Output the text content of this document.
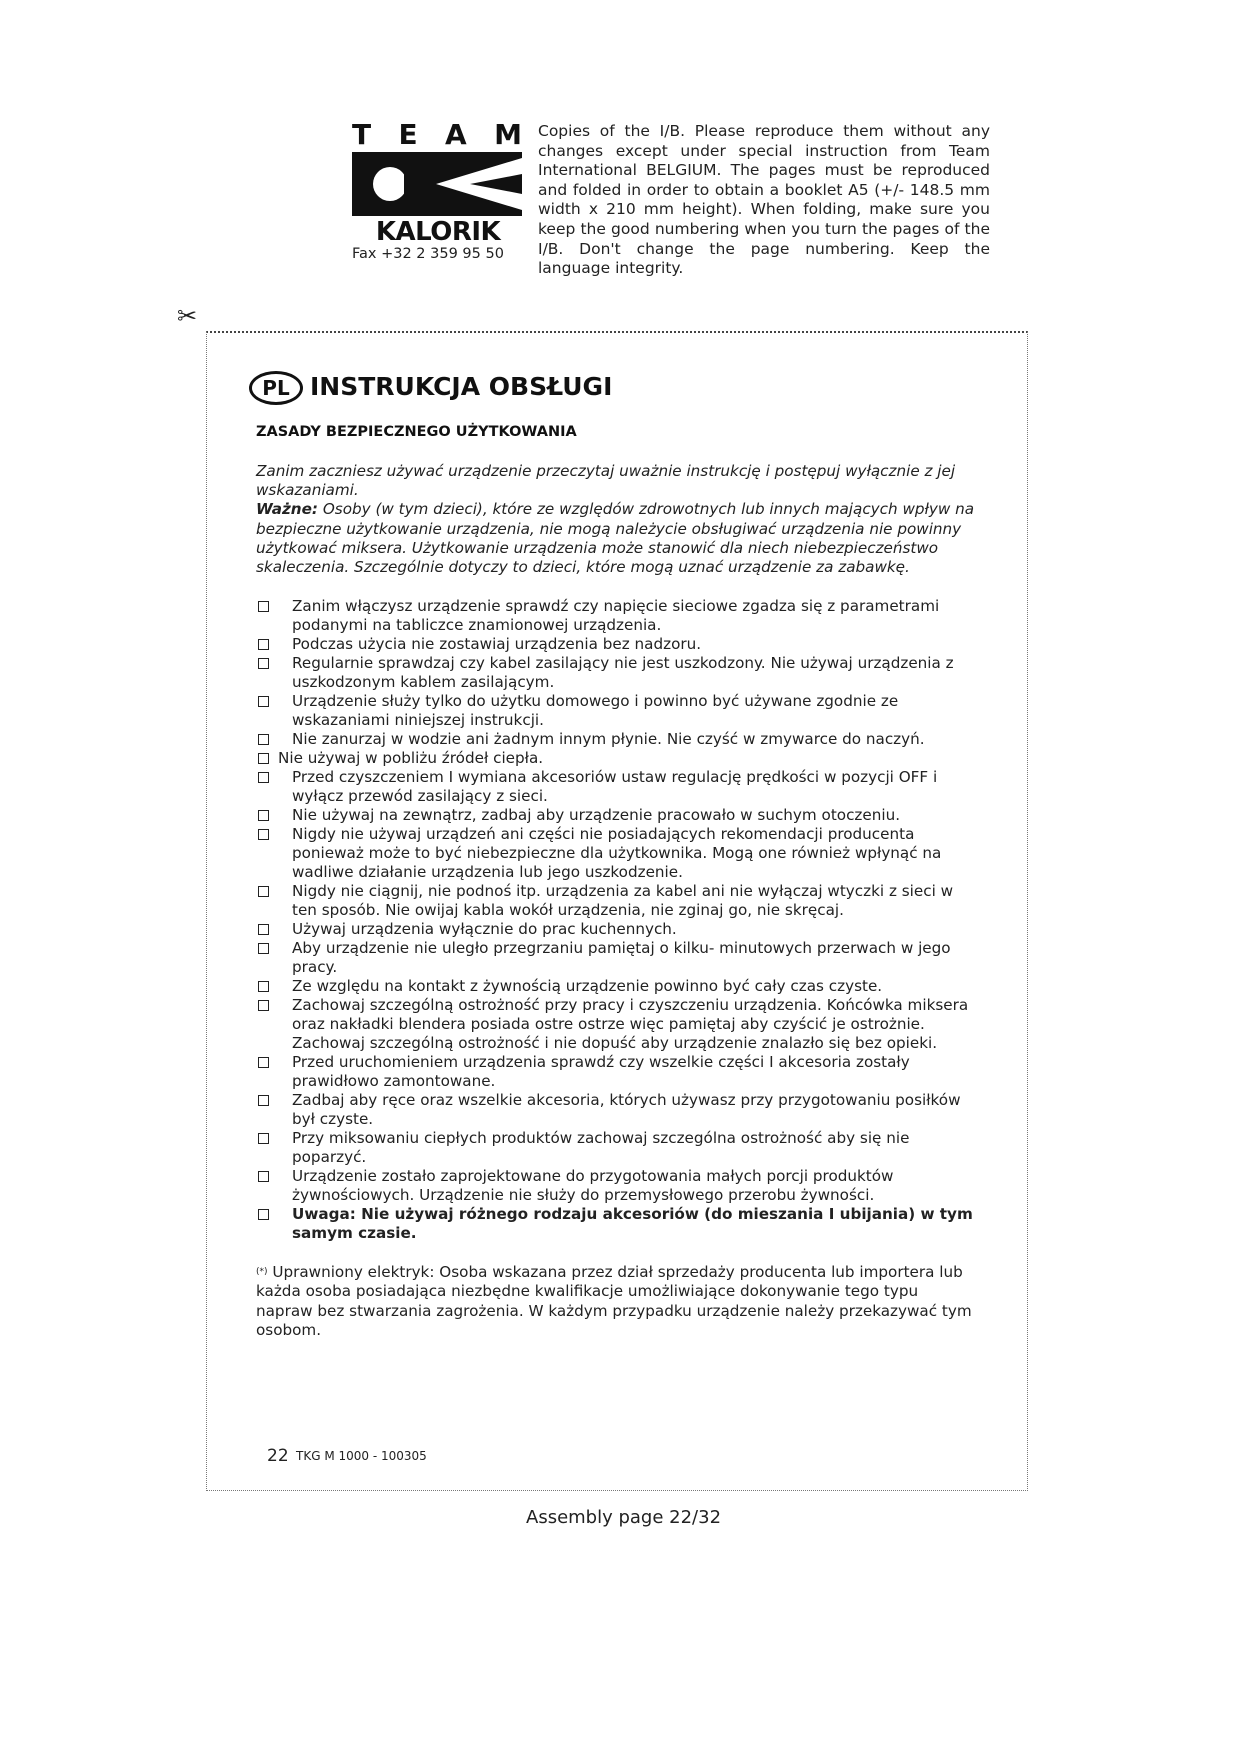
T E A M
KALORIK
Fax +32 2 359 95 50
Copies of the I/B. Please reproduce them without any changes except under special instruction from Team International BELGIUM. The pages must be reproduced and folded in order to obtain a booklet A5 (+/- 148.5 mm width x 210 mm height). When folding, make sure you keep the good numbering when you turn the pages of the I/B. Don't change the page numbering. Keep the language integrity.
✂
PL INSTRUKCJA OBSŁUGI
ZASADY BEZPIECZNEGO UŻYTKOWANIA
Zanim zaczniesz używać urządzenie przeczytaj uważnie instrukcję i postępuj wyłącznie z jej wskazaniami.
Ważne: Osoby (w tym dzieci), które ze względów zdrowotnych lub innych mających wpływ na bezpieczne użytkowanie urządzenia, nie mogą należycie obsługiwać urządzenia nie powinny użytkować miksera. Użytkowanie urządzenia może stanowić dla niech niebezpieczeństwo skaleczenia. Szczególnie dotyczy to dzieci, które mogą uznać urządzenie za zabawkę.
Zanim włączysz urządzenie sprawdź czy napięcie sieciowe zgadza się z parametrami podanymi na tabliczce znamionowej urządzenia.
Podczas użycia nie zostawiaj urządzenia bez nadzoru.
Regularnie sprawdzaj czy kabel zasilający nie jest uszkodzony. Nie używaj urządzenia z uszkodzonym kablem zasilającym.
Urządzenie służy tylko do użytku domowego i powinno być używane zgodnie ze wskazaniami niniejszej instrukcji.
Nie zanurzaj w wodzie ani żadnym innym płynie. Nie czyść w zmywarce do naczyń.
Nie używaj w pobliżu źródeł ciepła.
Przed czyszczeniem I wymiana akcesoriów ustaw regulację prędkości w pozycji OFF i wyłącz przewód zasilający z sieci.
Nie używaj na zewnątrz, zadbaj aby urządzenie pracowało w suchym otoczeniu.
Nigdy nie używaj urządzeń ani części nie posiadających rekomendacji producenta ponieważ może to być niebezpieczne dla użytkownika. Mogą one również wpłynąć na wadliwe działanie urządzenia lub jego uszkodzenie.
Nigdy nie ciągnij, nie podnoś itp. urządzenia za kabel ani nie wyłączaj wtyczki z sieci w ten sposób. Nie owijaj kabla wokół urządzenia, nie zginaj go, nie skręcaj.
Używaj urządzenia wyłącznie do prac kuchennych.
Aby urządzenie nie uległo przegrzaniu pamiętaj o kilku- minutowych przerwach w jego pracy.
Ze względu na kontakt z żywnością urządzenie powinno być cały czas czyste.
Zachowaj szczególną ostrożność przy pracy i czyszczeniu urządzenia. Końcówka miksera oraz nakładki blendera posiada ostre ostrze więc pamiętaj aby czyścić je ostrożnie. Zachowaj szczególną ostrożność i nie dopuść aby urządzenie znalazło się bez opieki.
Przed uruchomieniem urządzenia sprawdź czy wszelkie części I akcesoria zostały prawidłowo zamontowane.
Zadbaj aby ręce oraz wszelkie akcesoria, których używasz przy przygotowaniu posiłków był czyste.
Przy miksowaniu ciepłych produktów zachowaj szczególna ostrożność aby się nie poparzyć.
Urządzenie zostało zaprojektowane do przygotowania małych porcji produktów żywnościowych. Urządzenie nie służy do przemysłowego przerobu żywności.
Uwaga: Nie używaj różnego rodzaju akcesoriów (do mieszania I ubijania) w tym samym czasie.
(*) Uprawniony elektryk: Osoba wskazana przez dział sprzedaży producenta lub importera lub każda osoba posiadająca niezbędne kwalifikacje umożliwiające dokonywanie tego typu napraw bez stwarzania zagrożenia. W każdym przypadku urządzenie należy przekazywać tym osobom.
22 TKG M 1000 - 100305
Assembly page 22/32
